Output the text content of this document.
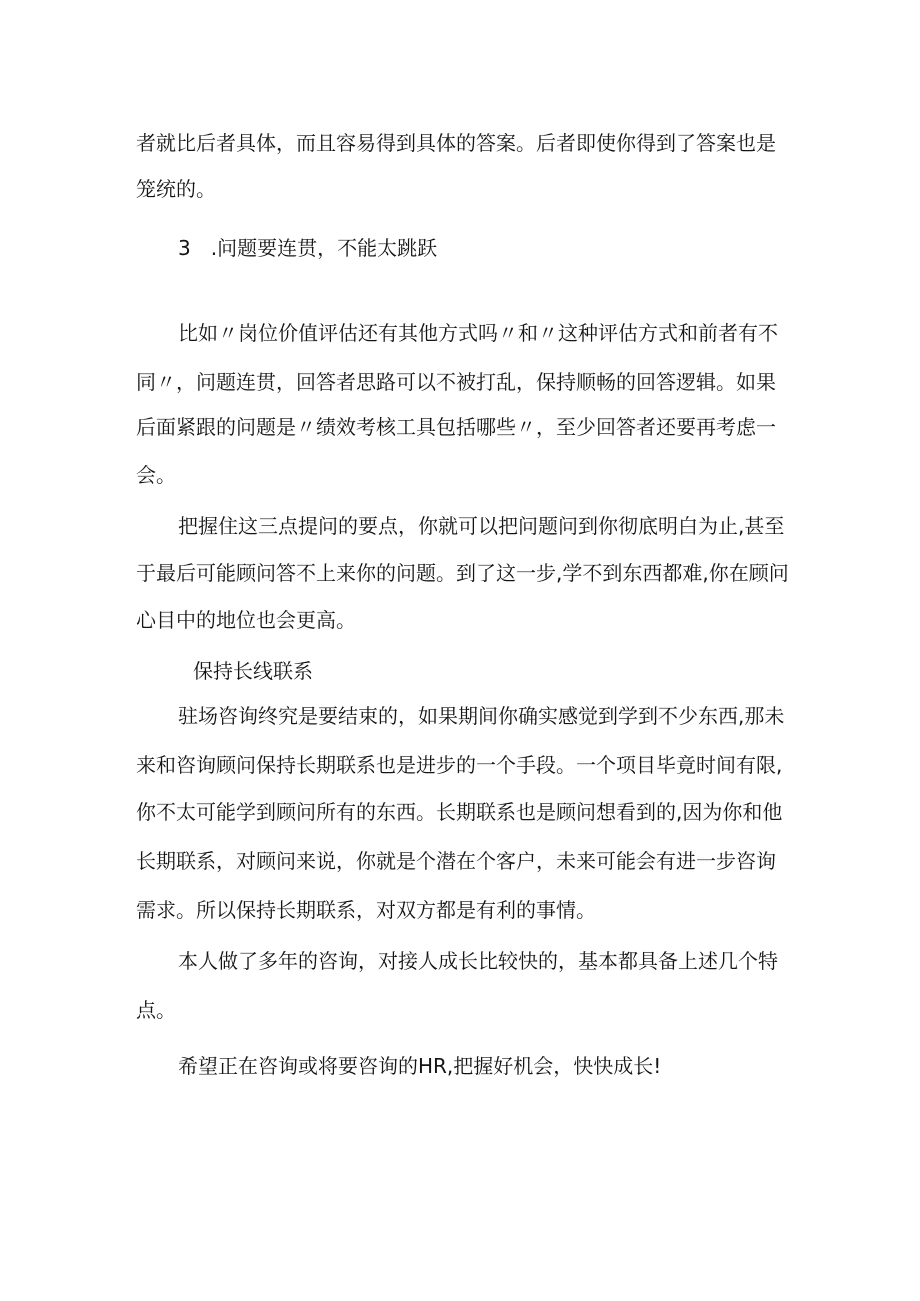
者就比后者具体，而且容易得到具体的答案。后者即使你得到了答案也是
笼统的。
3　.问题要连贯，不能太跳跃
比如〃岗位价值评估还有其他方式吗〃和〃这种评估方式和前者有不
同〃，问题连贯，回答者思路可以不被打乱，保持顺畅的回答逻辑。如果
后面紧跟的问题是〃绩效考核工具包括哪些〃，至少回答者还要再考虑一
会。
把握住这三点提问的要点，你就可以把问题问到你彻底明白为止,甚至
于最后可能顾问答不上来你的问题。到了这一步,学不到东西都难,你在顾问
心目中的地位也会更高。
保持长线联系
驻场咨询终究是要结束的，如果期间你确实感觉到学到不少东西,那未
来和咨询顾问保持长期联系也是进步的一个手段。一个项目毕竟时间有限,
你不太可能学到顾问所有的东西。长期联系也是顾问想看到的,因为你和他
长期联系，对顾问来说，你就是个潜在个客户，未来可能会有进一步咨询
需求。所以保持长期联系，对双方都是有利的事情。
本人做了多年的咨询，对接人成长比较快的，基本都具备上述几个特
点。
希望正在咨询或将要咨询的HR,把握好机会，快快成长!
